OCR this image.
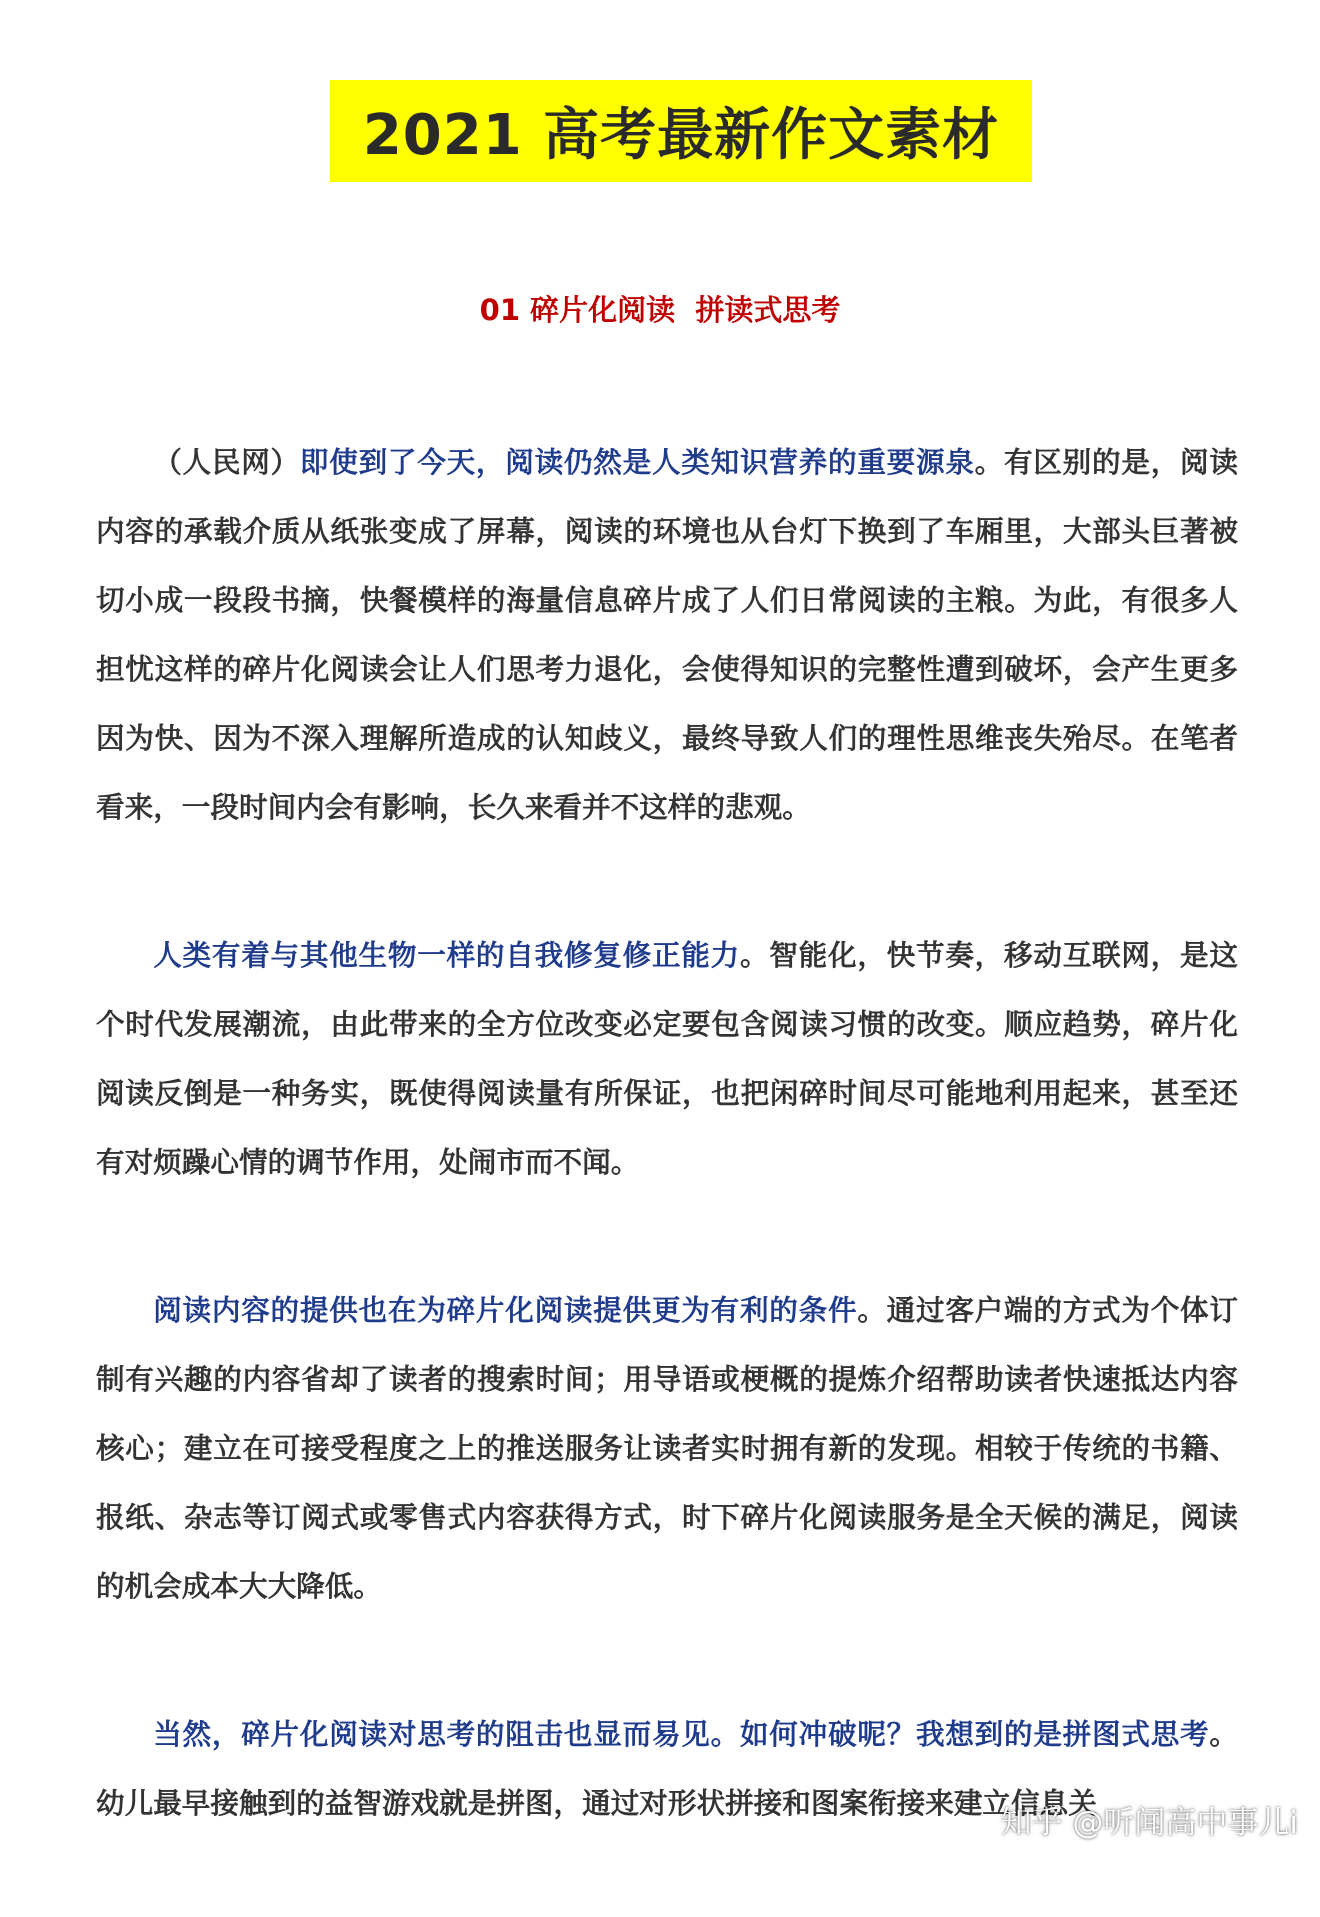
2021 高考最新作文素材
01 碎片化阅读  拼读式思考

（人民网）即使到了今天，阅读仍然是人类知识营养的重要源泉。有区别的是，阅读内容的承载介质从纸张变成了屏幕，阅读的环境也从台灯下换到了车厢里，大部头巨著被切小成一段段书摘，快餐模样的海量信息碎片成了人们日常阅读的主粮。为此，有很多人担忧这样的碎片化阅读会让人们思考力退化，会使得知识的完整性遭到破坏，会产生更多因为快、因为不深入理解所造成的认知歧义，最终导致人们的理性思维丧失殆尽。在笔者看来，一段时间内会有影响，长久来看并不这样的悲观。

人类有着与其他生物一样的自我修复修正能力。智能化，快节奏，移动互联网，是这个时代发展潮流，由此带来的全方位改变必定要包含阅读习惯的改变。顺应趋势，碎片化阅读反倒是一种务实，既使得阅读量有所保证，也把闲碎时间尽可能地利用起来，甚至还有对烦躁心情的调节作用，处闹市而不闻。

阅读内容的提供也在为碎片化阅读提供更为有利的条件。通过客户端的方式为个体订制有兴趣的内容省却了读者的搜索时间；用导语或梗概的提炼介绍帮助读者快速抵达内容核心；建立在可接受程度之上的推送服务让读者实时拥有新的发现。相较于传统的书籍、报纸、杂志等订阅式或零售式内容获得方式，时下碎片化阅读服务是全天候的满足，阅读的机会成本大大降低。

当然，碎片化阅读对思考的阻击也显而易见。如何冲破呢？我想到的是拼图式思考。幼儿最早接触到的益智游戏就是拼图，通过对形状拼接和图案衔接来建立信息关

知乎 @听闻高中事儿i
